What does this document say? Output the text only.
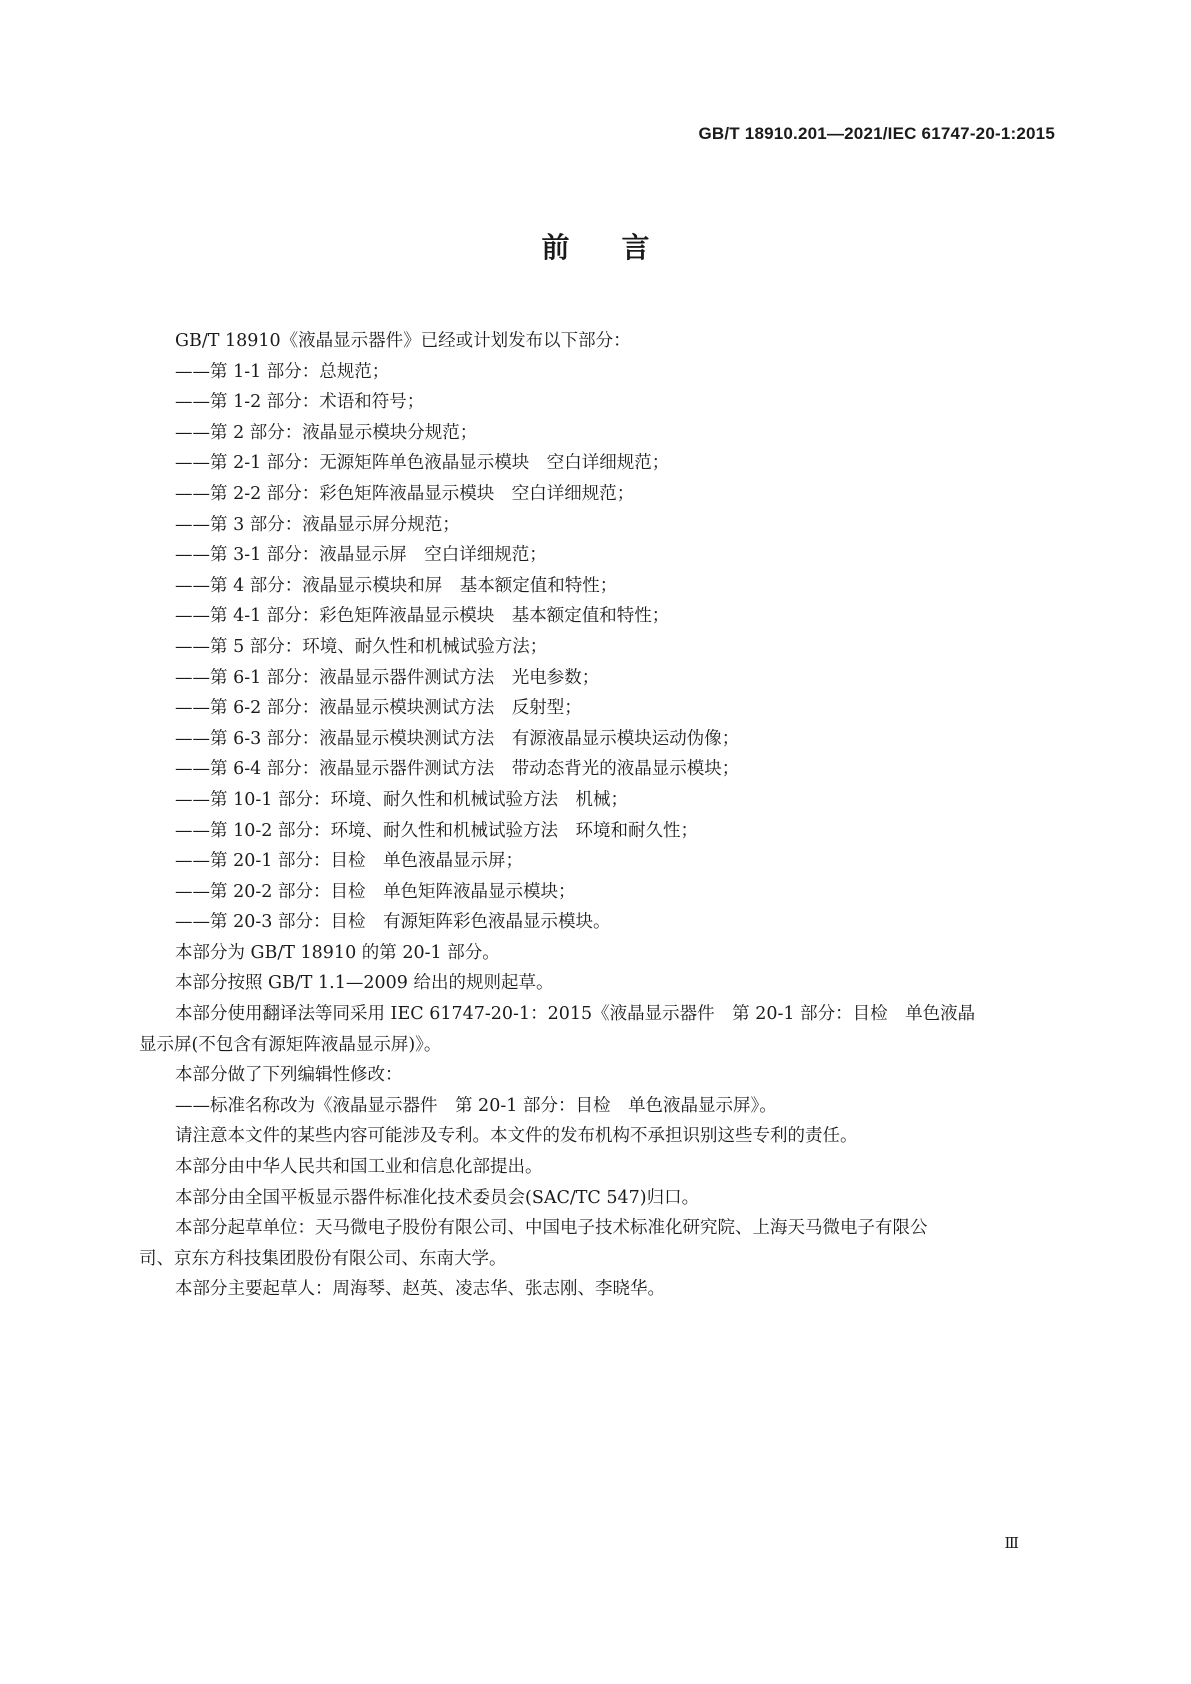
GB/T 18910.201—2021/IEC 61747-20-1:2015
前言
GB/T 18910《液晶显示器件》已经或计划发布以下部分：
——第 1-1 部分：总规范；
——第 1-2 部分：术语和符号；
——第 2 部分：液晶显示模块分规范；
——第 2-1 部分：无源矩阵单色液晶显示模块　空白详细规范；
——第 2-2 部分：彩色矩阵液晶显示模块　空白详细规范；
——第 3 部分：液晶显示屏分规范；
——第 3-1 部分：液晶显示屏　空白详细规范；
——第 4 部分：液晶显示模块和屏　基本额定值和特性；
——第 4-1 部分：彩色矩阵液晶显示模块　基本额定值和特性；
——第 5 部分：环境、耐久性和机械试验方法；
——第 6-1 部分：液晶显示器件测试方法　光电参数；
——第 6-2 部分：液晶显示模块测试方法　反射型；
——第 6-3 部分：液晶显示模块测试方法　有源液晶显示模块运动伪像；
——第 6-4 部分：液晶显示器件测试方法　带动态背光的液晶显示模块；
——第 10-1 部分：环境、耐久性和机械试验方法　机械；
——第 10-2 部分：环境、耐久性和机械试验方法　环境和耐久性；
——第 20-1 部分：目检　单色液晶显示屏；
——第 20-2 部分：目检　单色矩阵液晶显示模块；
——第 20-3 部分：目检　有源矩阵彩色液晶显示模块。
本部分为 GB/T 18910 的第 20-1 部分。
本部分按照 GB/T 1.1—2009 给出的规则起草。
本部分使用翻译法等同采用 IEC 61747-20-1：2015《液晶显示器件　第 20-1 部分：目检　单色液晶
显示屏(不包含有源矩阵液晶显示屏)》。
本部分做了下列编辑性修改：
——标准名称改为《液晶显示器件　第 20-1 部分：目检　单色液晶显示屏》。
请注意本文件的某些内容可能涉及专利。本文件的发布机构不承担识别这些专利的责任。
本部分由中华人民共和国工业和信息化部提出。
本部分由全国平板显示器件标准化技术委员会(SAC/TC 547)归口。
本部分起草单位：天马微电子股份有限公司、中国电子技术标准化研究院、上海天马微电子有限公
司、京东方科技集团股份有限公司、东南大学。
本部分主要起草人：周海琴、赵英、凌志华、张志刚、李晓华。
Ⅲ
